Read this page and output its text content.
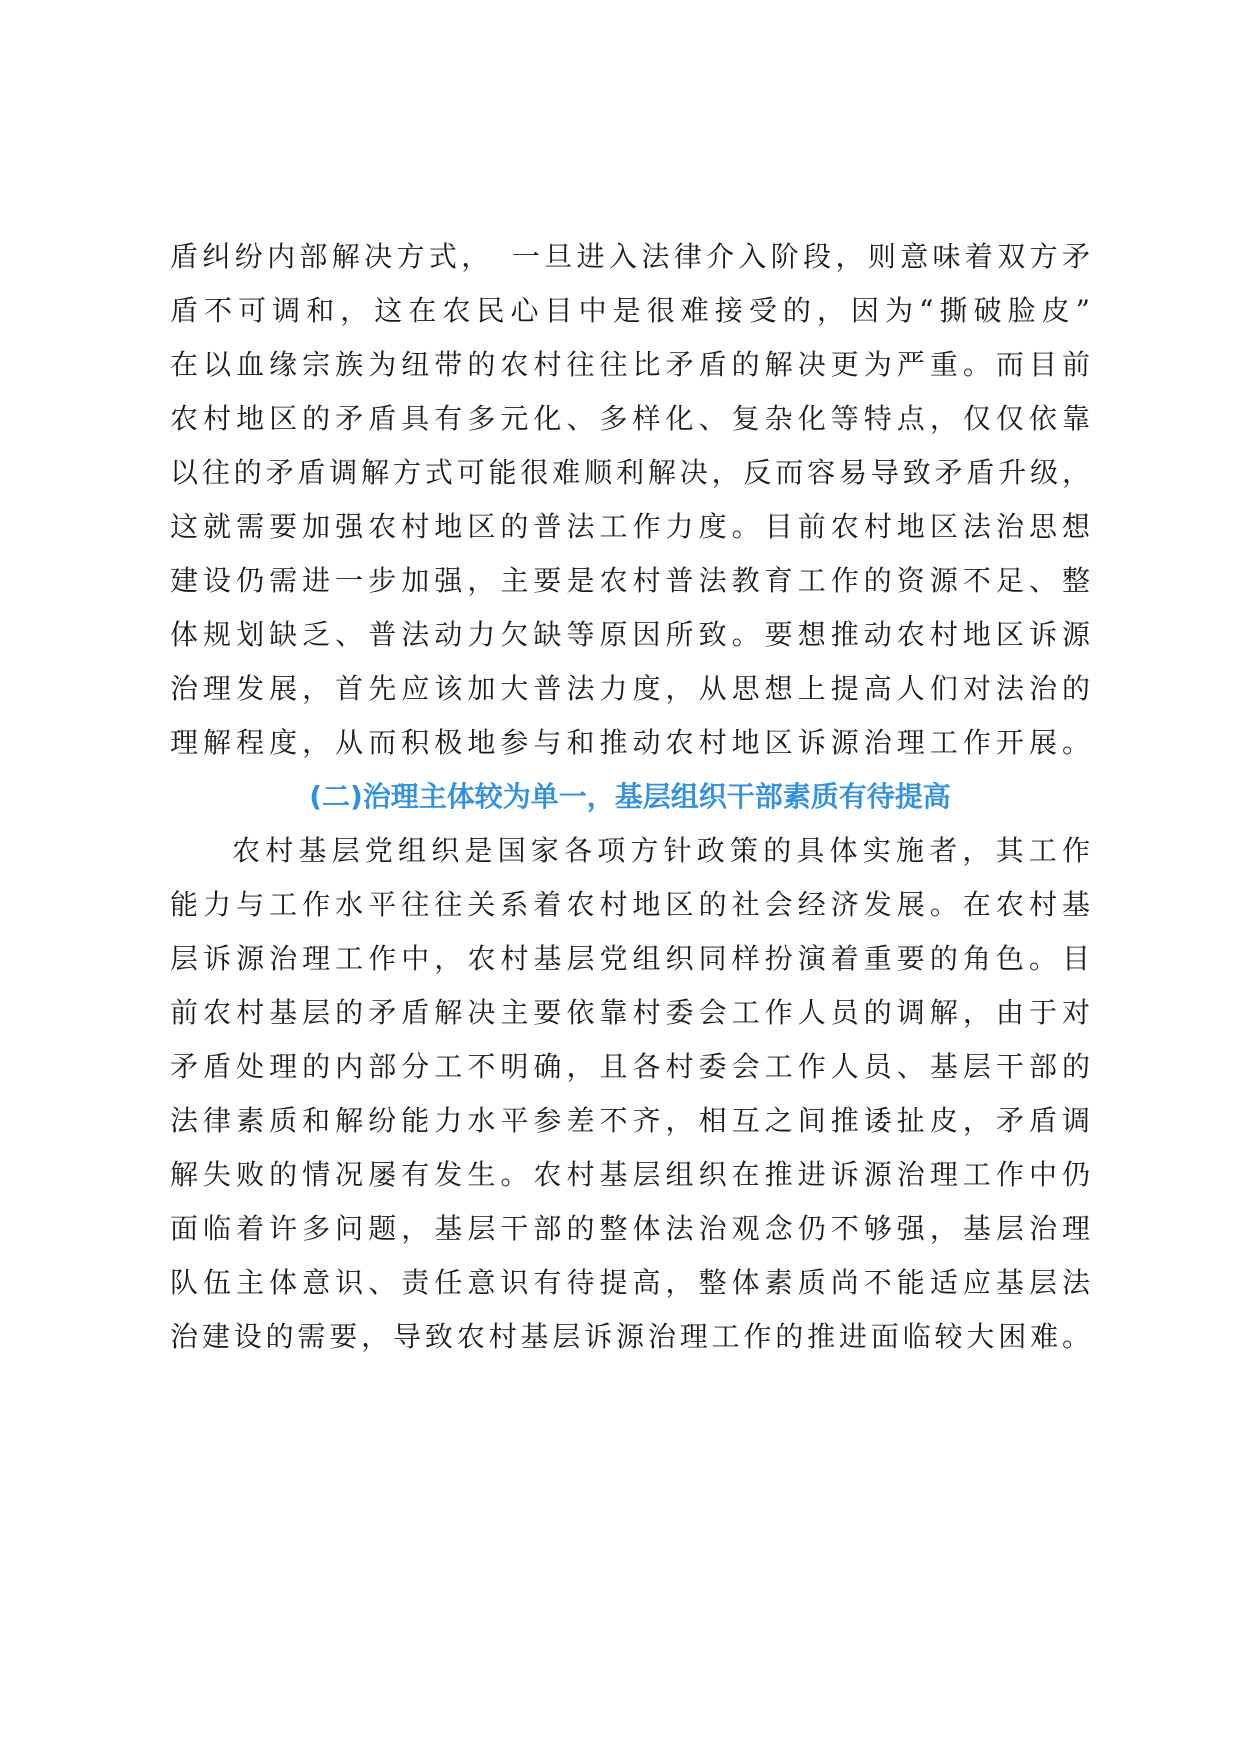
盾纠纷内部解决方式，　一旦进入法律介入阶段，则意味着双方矛

盾不可调和，这在农民心目中是很难接受的，因为“撕破脸皮”

在以血缘宗族为纽带的农村往往比矛盾的解决更为严重。而目前

农村地区的矛盾具有多元化、多样化、复杂化等特点，仅仅依靠

以往的矛盾调解方式可能很难顺利解决，反而容易导致矛盾升级，

这就需要加强农村地区的普法工作力度。目前农村地区法治思想

建设仍需进一步加强，主要是农村普法教育工作的资源不足、整

体规划缺乏、普法动力欠缺等原因所致。要想推动农村地区诉源

治理发展，首先应该加大普法力度，从思想上提高人们对法治的

理解程度，从而积极地参与和推动农村地区诉源治理工作开展。

(二)治理主体较为单一，基层组织干部素质有待提高

农村基层党组织是国家各项方针政策的具体实施者，其工作

能力与工作水平往往关系着农村地区的社会经济发展。在农村基

层诉源治理工作中，农村基层党组织同样扮演着重要的角色。目

前农村基层的矛盾解决主要依靠村委会工作人员的调解，由于对

矛盾处理的内部分工不明确，且各村委会工作人员、基层干部的

法律素质和解纷能力水平参差不齐，相互之间推诿扯皮，矛盾调

解失败的情况屡有发生。农村基层组织在推进诉源治理工作中仍

面临着许多问题，基层干部的整体法治观念仍不够强，基层治理

队伍主体意识、责任意识有待提高，整体素质尚不能适应基层法

治建设的需要，导致农村基层诉源治理工作的推进面临较大困难。
